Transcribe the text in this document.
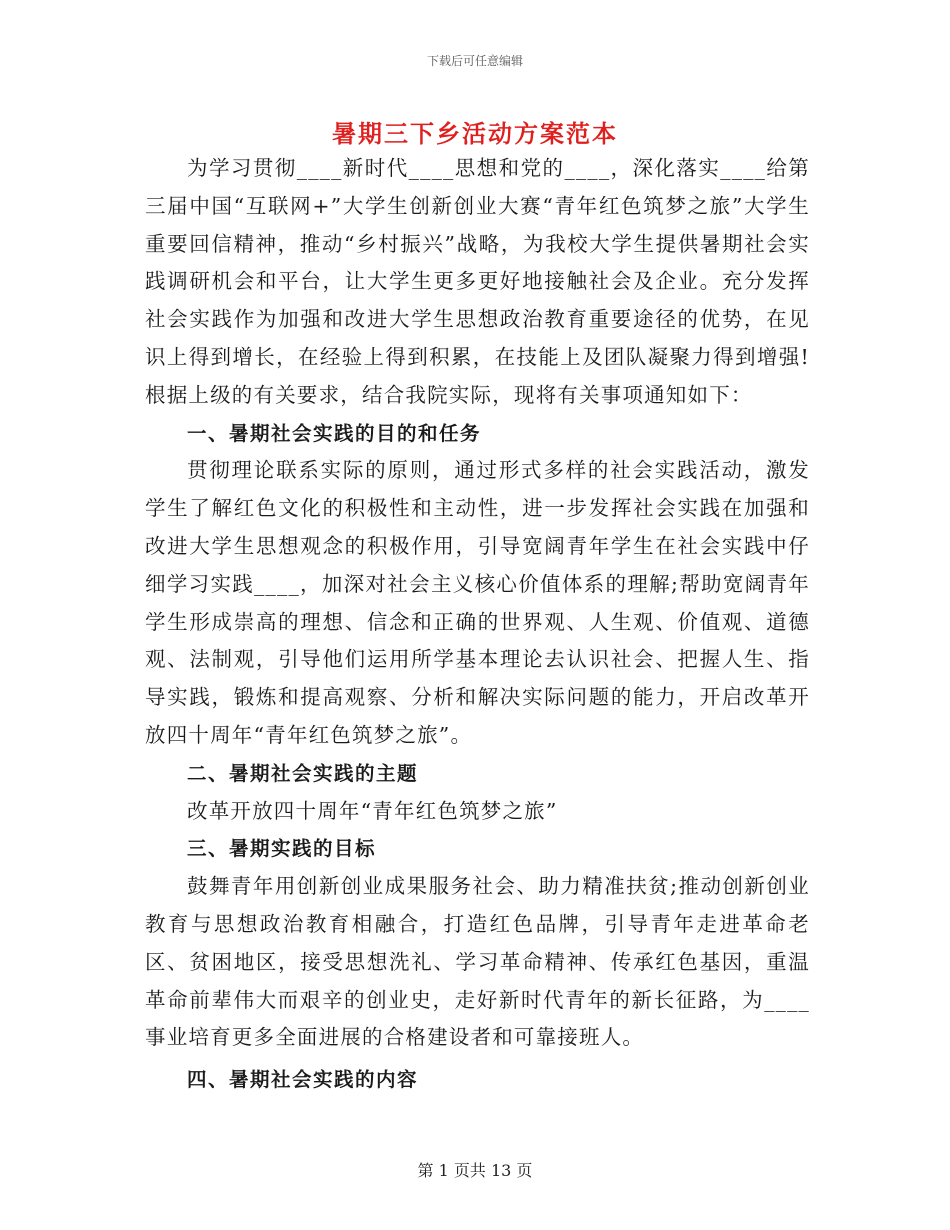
下载后可任意编辑
暑期三下乡活动方案范本

为学习贯彻____新时代____思想和党的____，深化落实____给第三届中国“互联网+”大学生创新创业大赛“青年红色筑梦之旅”大学生重要回信精神，推动“乡村振兴”战略，为我校大学生提供暑期社会实践调研机会和平台，让大学生更多更好地接触社会及企业。充分发挥社会实践作为加强和改进大学生思想政治教育重要途径的优势，在见识上得到增长，在经验上得到积累，在技能上及团队凝聚力得到增强!根据上级的有关要求，结合我院实际，现将有关事项通知如下：

一、暑期社会实践的目的和任务

贯彻理论联系实际的原则，通过形式多样的社会实践活动，激发学生了解红色文化的积极性和主动性，进一步发挥社会实践在加强和改进大学生思想观念的积极作用，引导宽阔青年学生在社会实践中仔细学习实践____，加深对社会主义核心价值体系的理解;帮助宽阔青年学生形成崇高的理想、信念和正确的世界观、人生观、价值观、道德观、法制观，引导他们运用所学基本理论去认识社会、把握人生、指导实践，锻炼和提高观察、分析和解决实际问题的能力，开启改革开放四十周年“青年红色筑梦之旅”。

二、暑期社会实践的主题

改革开放四十周年“青年红色筑梦之旅”

三、暑期实践的目标

鼓舞青年用创新创业成果服务社会、助力精准扶贫;推动创新创业教育与思想政治教育相融合，打造红色品牌，引导青年走进革命老区、贫困地区，接受思想洗礼、学习革命精神、传承红色基因，重温革命前辈伟大而艰辛的创业史，走好新时代青年的新长征路，为____事业培育更多全面进展的合格建设者和可靠接班人。

四、暑期社会实践的内容

第 1 页共 13 页
